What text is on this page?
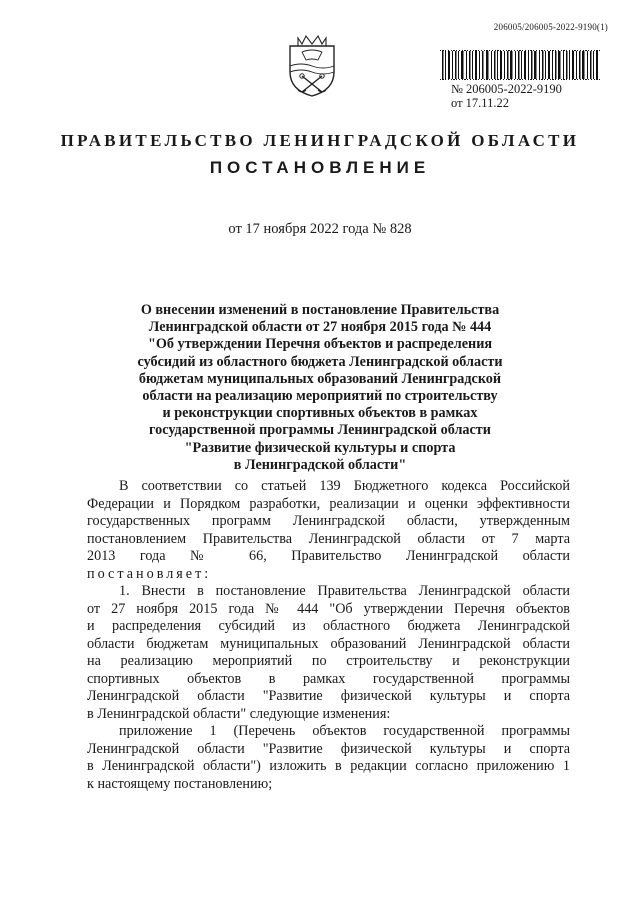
206005/206005-2022-9190(1)
№ 206005-2022-9190
от 17.11.22
ПРАВИТЕЛЬСТВО ЛЕНИНГРАДСКОЙ ОБЛАСТИ
ПОСТАНОВЛЕНИЕ
от 17 ноября 2022 года № 828
О внесении изменений в постановление Правительства
Ленинградской области от 27 ноября 2015 года № 444
"Об утверждении Перечня объектов и распределения
субсидий из областного бюджета Ленинградской области
бюджетам муниципальных образований Ленинградской
области на реализацию мероприятий по строительству
и реконструкции спортивных объектов в рамках
государственной программы Ленинградской области
"Развитие физической культуры и спорта
в Ленинградской области"
В соответствии со статьей 139 Бюджетного кодекса Российской
Федерации и Порядком разработки, реализации и оценки эффективности
государственных программ Ленинградской области, утвержденным
постановлением Правительства Ленинградской области от 7 марта
2013 года № 66, Правительство Ленинградской области
постановляет:
1. Внести в постановление Правительства Ленинградской области
от 27 ноября 2015 года № 444 "Об утверждении Перечня объектов
и распределения субсидий из областного бюджета Ленинградской
области бюджетам муниципальных образований Ленинградской области
на реализацию мероприятий по строительству и реконструкции
спортивных объектов в рамках государственной программы
Ленинградской области "Развитие физической культуры и спорта
в Ленинградской области" следующие изменения:
приложение 1 (Перечень объектов государственной программы
Ленинградской области "Развитие физической культуры и спорта
в Ленинградской области") изложить в редакции согласно приложению 1
к настоящему постановлению;
